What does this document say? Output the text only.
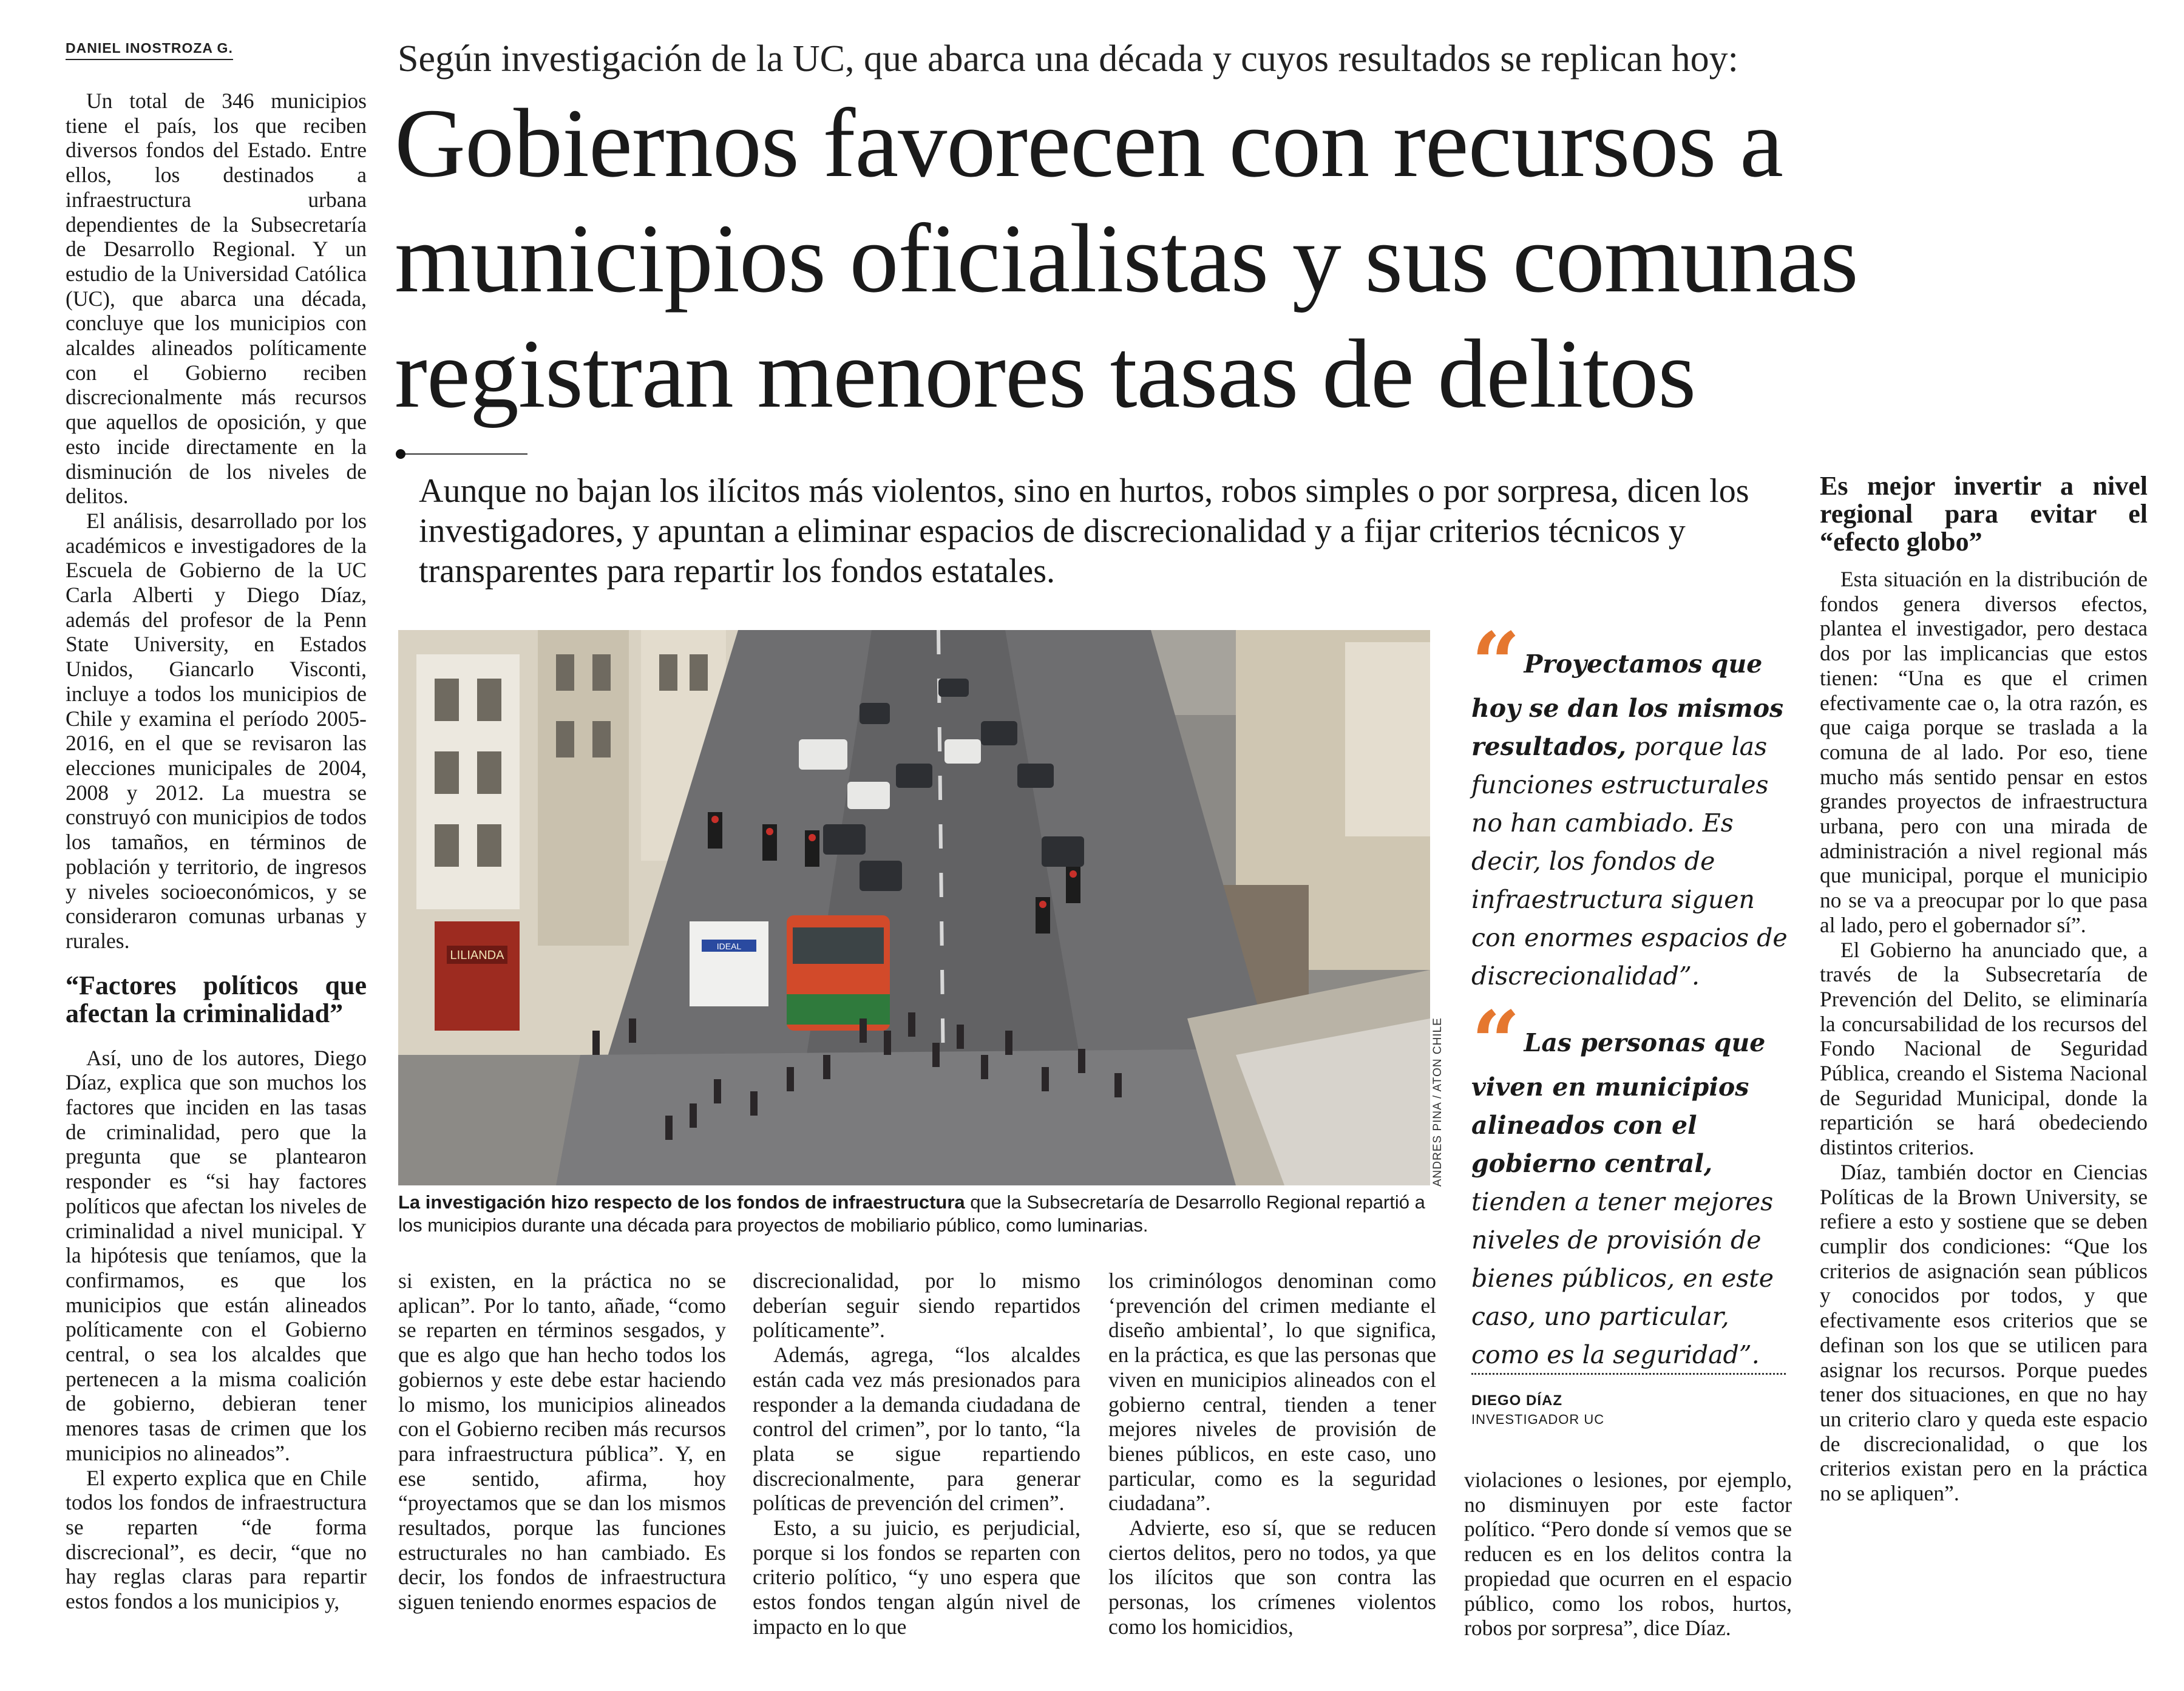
DANIEL INOSTROZA G.	Según investigación de la UC, que abarca una década y cuyos resultados se replican hoy:
Gobiernos favorecen con recursos a municipios oficialistas y sus comunas registran menores tasas de delitos
Aunque no bajan los ilícitos más violentos, sino en hurtos, robos simples o por sorpresa, dicen los investigadores, y apuntan a eliminar espacios de discrecionalidad y a fijar criterios técnicos y transparentes para repartir los fondos estatales.

Un total de 346 municipios tiene el país, los que reciben diversos fondos del Estado. Entre ellos, los destinados a infraestructura urbana dependientes de la Subsecretaría de Desarrollo Regional. Y un estudio de la Universidad Católica (UC), que abarca una década, concluye que los municipios con alcaldes alineados políticamente con el Gobierno reciben discrecionalmente más recursos que aquellos de oposición, y que esto incide directamente en la disminución de los niveles de delitos.

El análisis, desarrollado por los académicos e investigadores de la Escuela de Gobierno de la UC Carla Alberti y Diego Díaz, además del profesor de la Penn State University, en Estados Unidos, Giancarlo Visconti, incluye a todos los municipios de Chile y examina el período 2005-2016, en el que se revisaron las elecciones municipales de 2004, 2008 y 2012. La muestra se construyó con municipios de todos los tamaños, en términos de población y territorio, de ingresos y niveles socioeconómicos, y se consideraron comunas urbanas y rurales.

“Factores políticos que afectan la criminalidad”

Así, uno de los autores, Diego Díaz, explica que son muchos los factores que inciden en las tasas de criminalidad, pero que la pregunta que se plantearon responder es “si hay factores políticos que afectan los niveles de criminalidad a nivel municipal. Y la hipótesis que teníamos, que la confirmamos, es que los municipios que están alineados políticamente con el Gobierno central, o sea los alcaldes que pertenecen a la misma coalición de gobierno, debieran tener menores tasas de crimen que los municipios no alineados”.

El experto explica que en Chile todos los fondos de infraestructura se reparten “de forma discrecional”, es decir, “que no hay reglas claras para repartir estos fondos a los municipios y,

LILIANDA
IDEAL
ANDRES PINA / ATON CHILE
La investigación hizo respecto de los fondos de infraestructura que la Subsecretaría de Desarrollo Regional repartió a los municipios durante una década para proyectos de mobiliario público, como luminarias.

si existen, en la práctica no se aplican”. Por lo tanto, añade, “como se reparten en términos sesgados, y que es algo que han hecho todos los gobiernos y este debe estar haciendo lo mismo, los municipios alineados con el Gobierno reciben más recursos para infraestructura pública”. Y, en ese sentido, afirma, hoy “proyectamos que se dan los mismos resultados, porque las funciones estructurales no han cambiado. Es decir, los fondos de infraestructura siguen teniendo enormes espacios de

discrecionalidad, por lo mismo deberían seguir siendo repartidos políticamente”.

Además, agrega, “los alcaldes están cada vez más presionados para responder a la demanda ciudadana de control del crimen”, por lo tanto, “la plata se sigue repartiendo discrecionalmente, para generar políticas de prevención del crimen”.

Esto, a su juicio, es perjudicial, porque si los fondos se reparten con criterio político, “y uno espera que estos fondos tengan algún nivel de impacto en lo que

los criminólogos denominan como ‘prevención del crimen mediante el diseño ambiental’, lo que significa, en la práctica, es que las personas que viven en municipios alineados con el gobierno central, tienden a tener mejores niveles de provisión de bienes públicos, en este caso, uno particular, como es la seguridad ciudadana”.

Advierte, eso sí, que se reducen ciertos delitos, pero no todos, ya que los ilícitos que son contra las personas, los crímenes violentos como los homicidios,

violaciones o lesiones, por ejemplo, no disminuyen por este factor político. “Pero donde sí vemos que se reducen es en los delitos contra la propiedad que ocurren en el espacio público, como los robos, hurtos, robos por sorpresa”, dice Díaz.

“ Proyectamos que hoy se dan los mismos resultados, porque las funciones estructurales no han cambiado. Es decir, los fondos de infraestructura siguen con enormes espacios de discrecionalidad”.
“ Las personas que viven en municipios alineados con el gobierno central, tienden a tener mejores niveles de provisión de bienes públicos, en este caso, uno particular, como es la seguridad”.
DIEGO DÍAZ
INVESTIGADOR UC
Es mejor invertir a nivel regional para evitar el “efecto globo”

Esta situación en la distribución de fondos genera diversos efectos, plantea el investigador, pero destaca dos por las implicancias que estos tienen: “Una es que el crimen efectivamente cae o, la otra razón, es que caiga porque se traslada a la comuna de al lado. Por eso, tiene mucho más sentido pensar en estos grandes proyectos de infraestructura urbana, pero con una mirada de administración a nivel regional más que municipal, porque el municipio no se va a preocupar por lo que pasa al lado, pero el gobernador sí”.

El Gobierno ha anunciado que, a través de la Subsecretaría de Prevención del Delito, se eliminaría la concursabilidad de los recursos del Fondo Nacional de Seguridad Pública, creando el Sistema Nacional de Seguridad Municipal, donde la repartición se hará obedeciendo distintos criterios.

Díaz, también doctor en Ciencias Políticas de la Brown University, se refiere a esto y sostiene que se deben cumplir dos condiciones: “Que los criterios de asignación sean públicos y conocidos por todos, y que efectivamente esos criterios que se definan son los que se utilicen para asignar los recursos. Porque puedes tener dos situaciones, en que no hay un criterio claro y queda este espacio de discrecionalidad, o que los criterios existan pero en la práctica no se apliquen”.
